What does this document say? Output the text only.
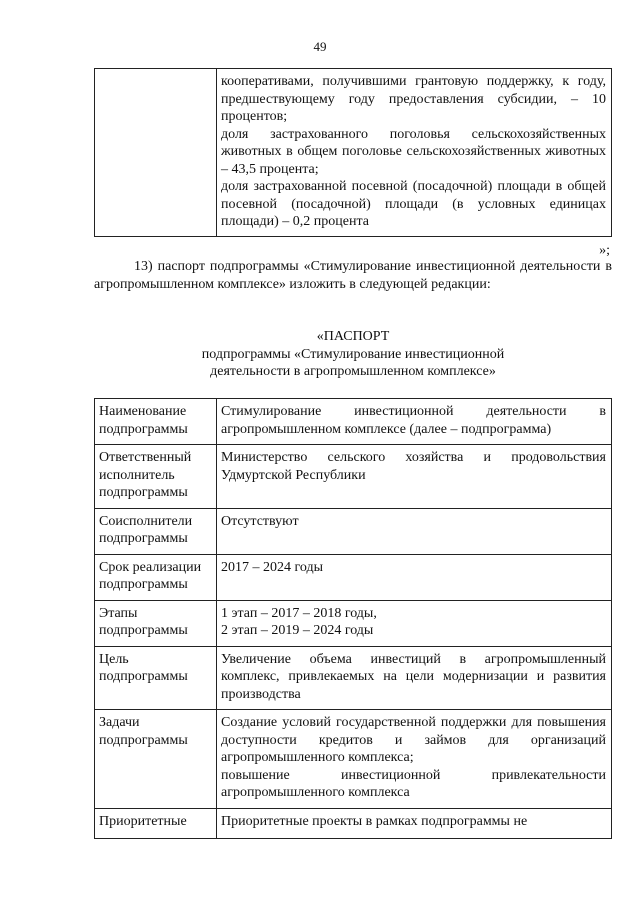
49

кооперативами, получившими грантовую поддержку, к году, предшествующему году предоставления субсидии, – 10 процентов;
доля застрахованного поголовья сельскохозяйственных животных в общем поголовье сельскохозяйственных животных – 43,5 процента;
доля застрахованной посевной (посадочной) площади в общей посевной (посадочной) площади (в условных единицах площади) – 0,2 процента
»;
13) паспорт подпрограммы «Стимулирование инвестиционной деятельности в агропромышленном комплексе» изложить в следующей редакции:
«ПАСПОРТ
подпрограммы «Стимулирование инвестиционной
деятельности в агропромышленном комплексе»
Наименование подпрограммы	Стимулирование инвестиционной деятельности в агропромышленном комплексе (далее – подпрограмма)

Ответственный исполнитель подпрограммы	Министерство сельского хозяйства и продовольствия Удмуртской Республики

Соисполнители подпрограммы	Отсутствуют

Срок реализации подпрограммы	2017 – 2024 годы

Этапы подпрограммы	1 этап – 2017 – 2018 годы,
2 этап – 2019 – 2024 годы

Цель подпрограммы	Увеличение объема инвестиций в агропромышленный комплекс, привлекаемых на цели модернизации и развития производства

Задачи подпрограммы	Создание условий государственной поддержки для повышения доступности кредитов и займов для организаций агропромышленного комплекса;
повышение инвестиционной привлекательности агропромышленного комплекса

Приоритетные	Приоритетные проекты в рамках подпрограммы не
